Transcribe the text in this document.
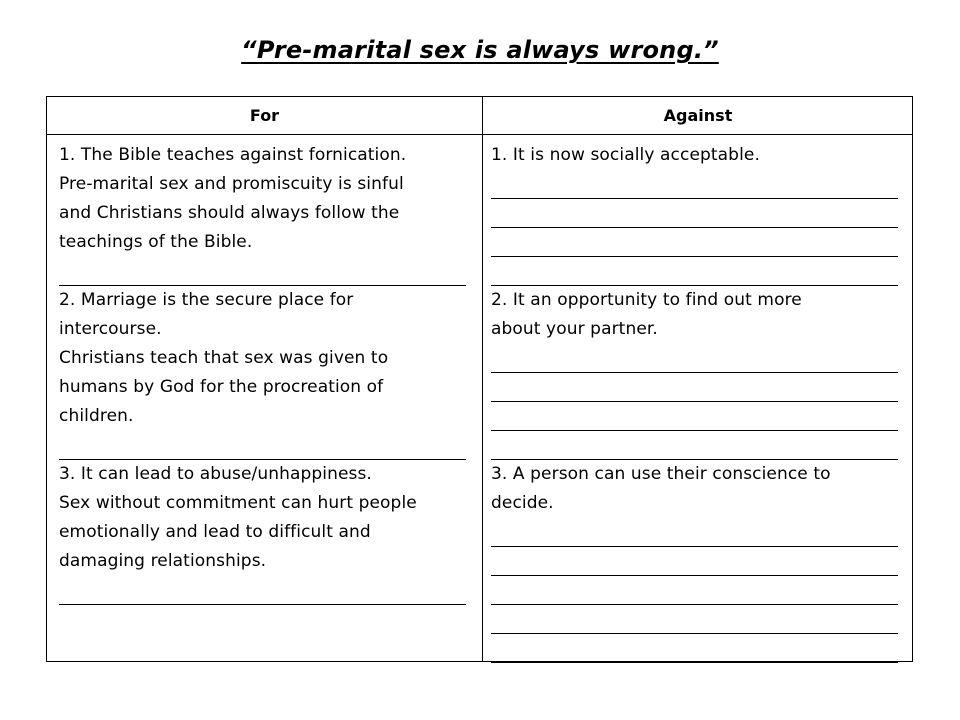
“Pre-marital sex is always wrong.”
For	Against
1. The Bible teaches against fornication.
Pre-marital sex and promiscuity is sinful
and Christians should always follow the
teachings of the Bible.
2. Marriage is the secure place for
intercourse.
Christians teach that sex was given to
humans by God for the procreation of
children.
3. It can lead to abuse/unhappiness.
Sex without commitment can hurt people
emotionally and lead to difficult and
damaging relationships.
1. It is now socially acceptable.
2. It an opportunity to find out more
about your partner.
3. A person can use their conscience to
decide.
